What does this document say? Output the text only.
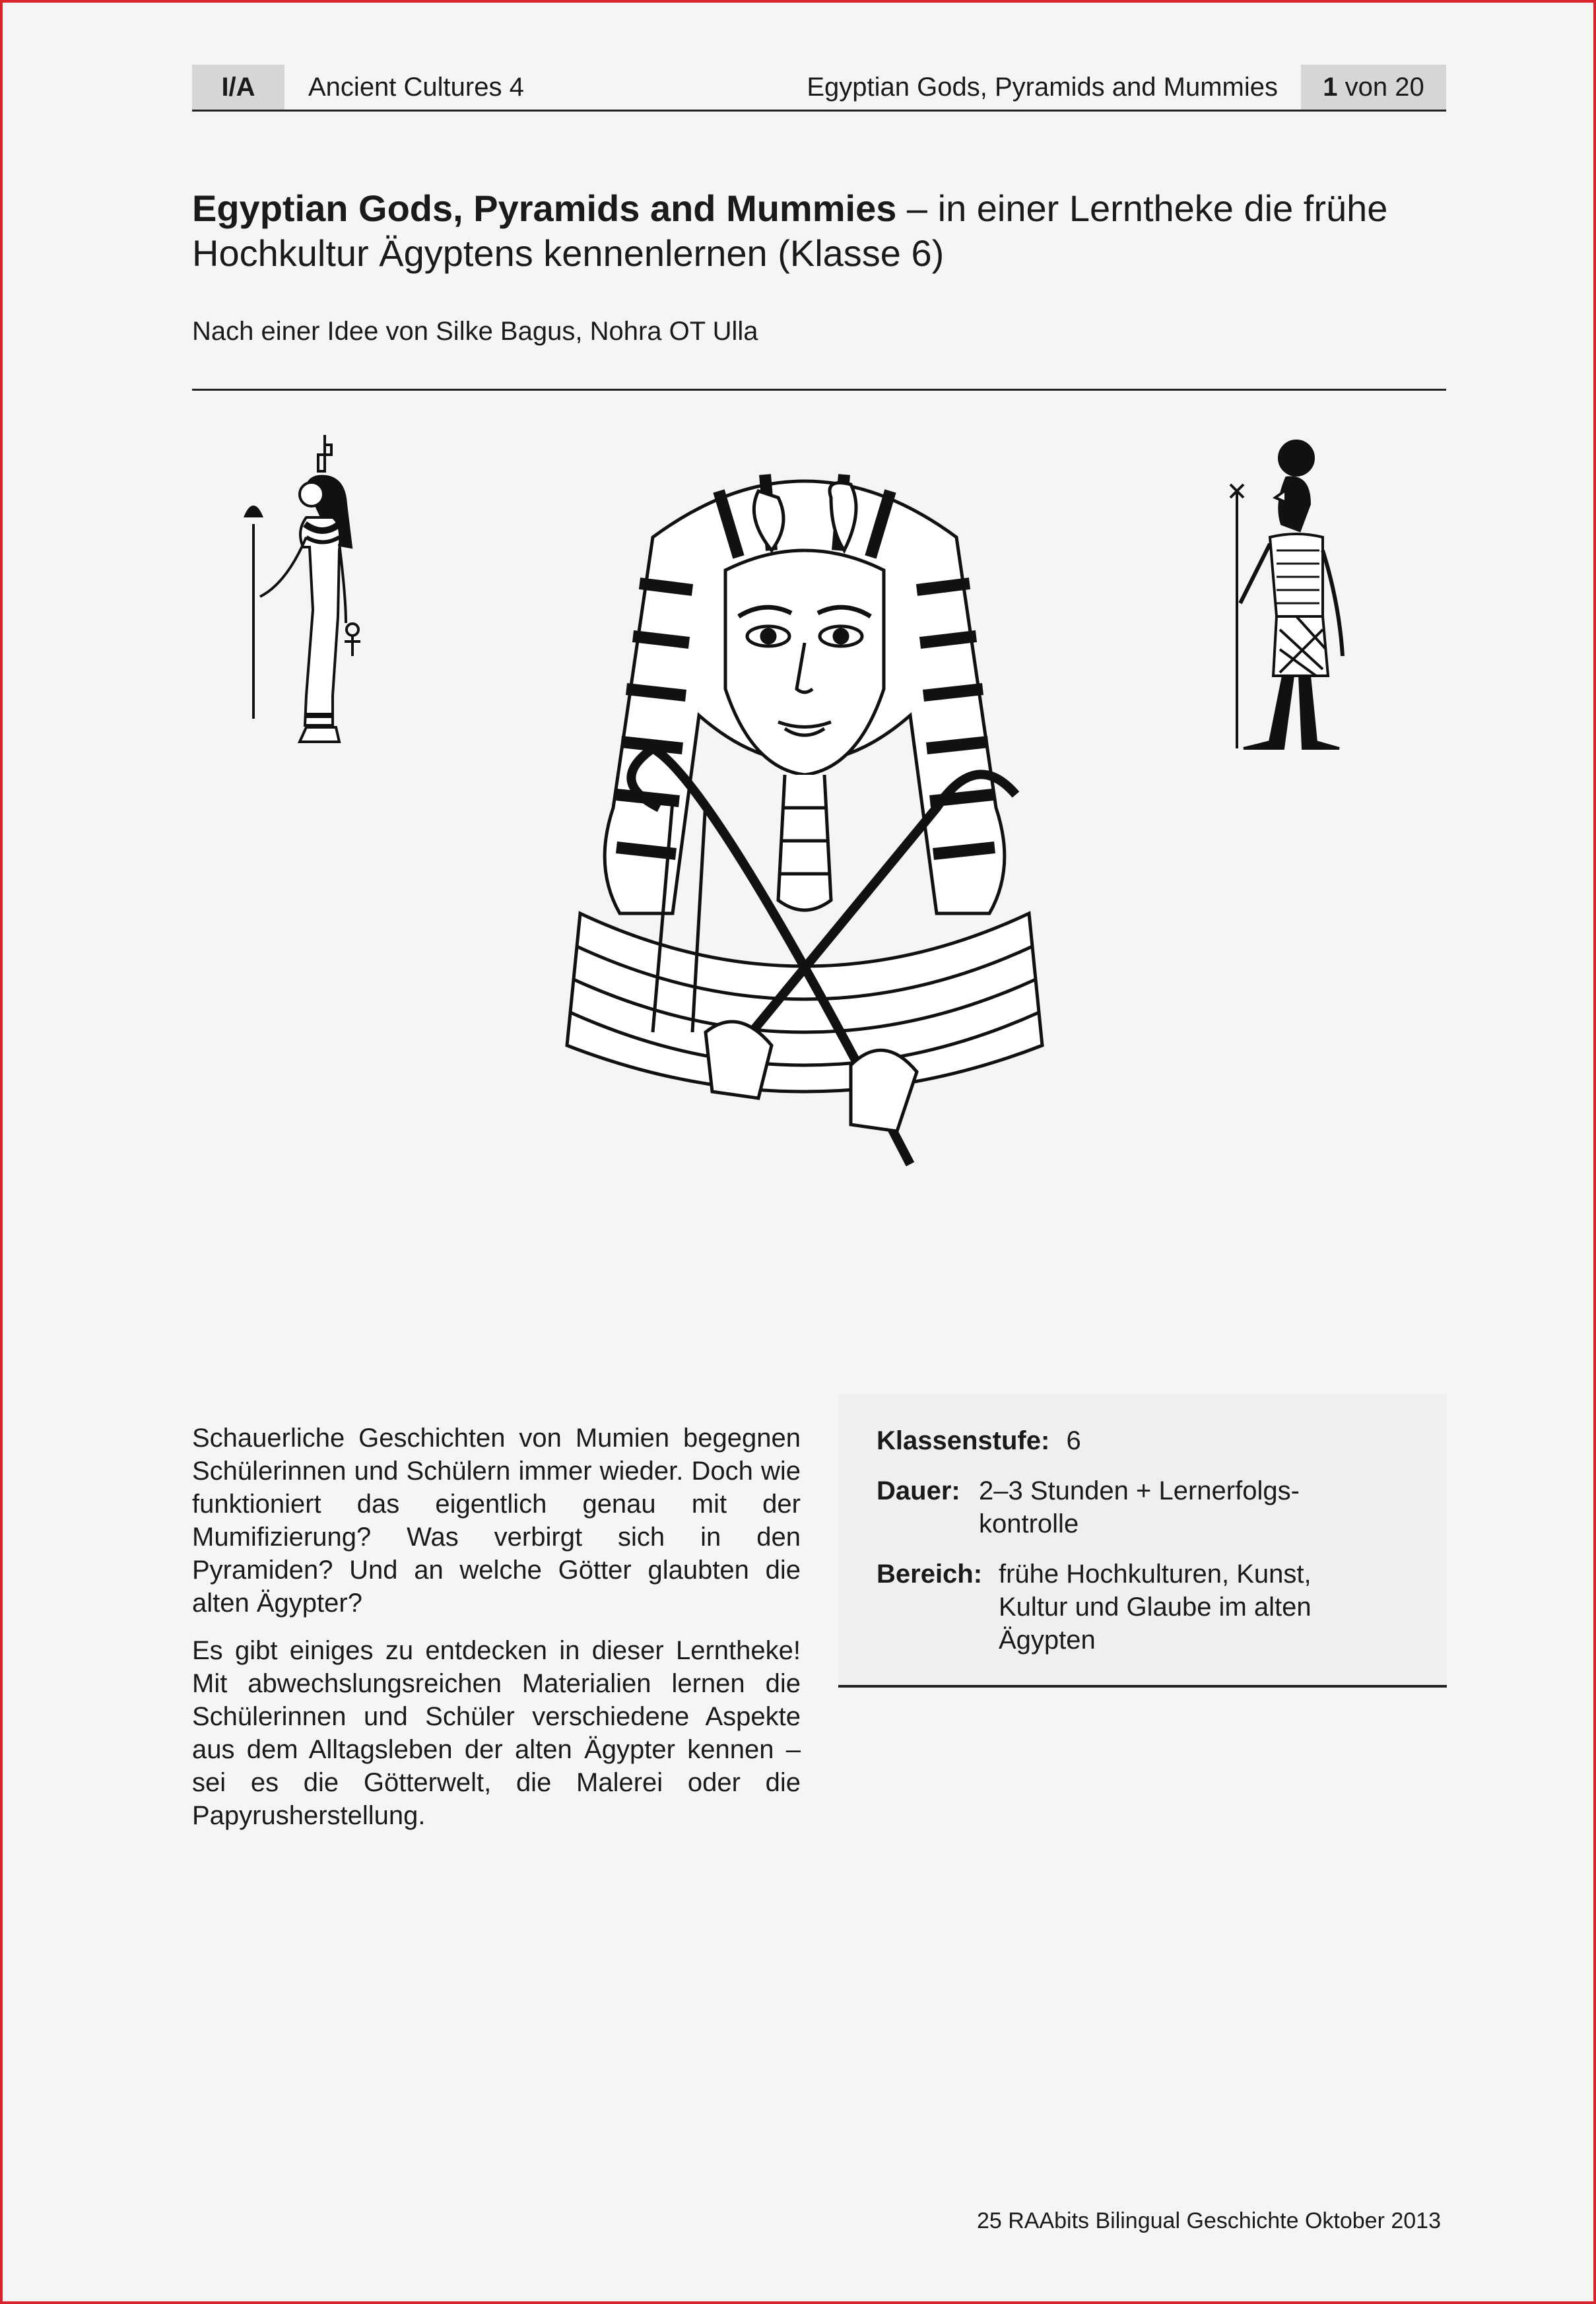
I/A	Ancient Cultures 4	Egyptian Gods, Pyramids and Mummies	1 von 20
Egyptian Gods, Pyramids and Mummies – in einer Lerntheke die frühe
Hochkultur Ägyptens kennenlernen (Klasse 6)
Nach einer Idee von Silke Bagus, Nohra OT Ulla

Schauerliche Geschichten von Mumien begegnen Schülerinnen und Schülern immer wieder. Doch wie funktioniert das eigentlich genau mit der Mumifizierung? Was verbirgt sich in den Pyramiden? Und an welche Götter glaubten die alten Ägypter?

Es gibt einiges zu entdecken in dieser Lerntheke! Mit abwechslungsreichen Materialien lernen die Schülerinnen und Schüler verschiedene Aspekte aus dem Alltagsleben der alten Ägypter kennen – sei es die Götterwelt, die Malerei oder die Papyrusherstellung.

Klassenstufe: 6
Dauer: 2–3 Stunden + Lernerfolgs-
kontrolle
Bereich: frühe Hochkulturen, Kunst,
Kultur und Glaube im alten
Ägypten
25 RAAbits Bilingual Geschichte Oktober 2013
